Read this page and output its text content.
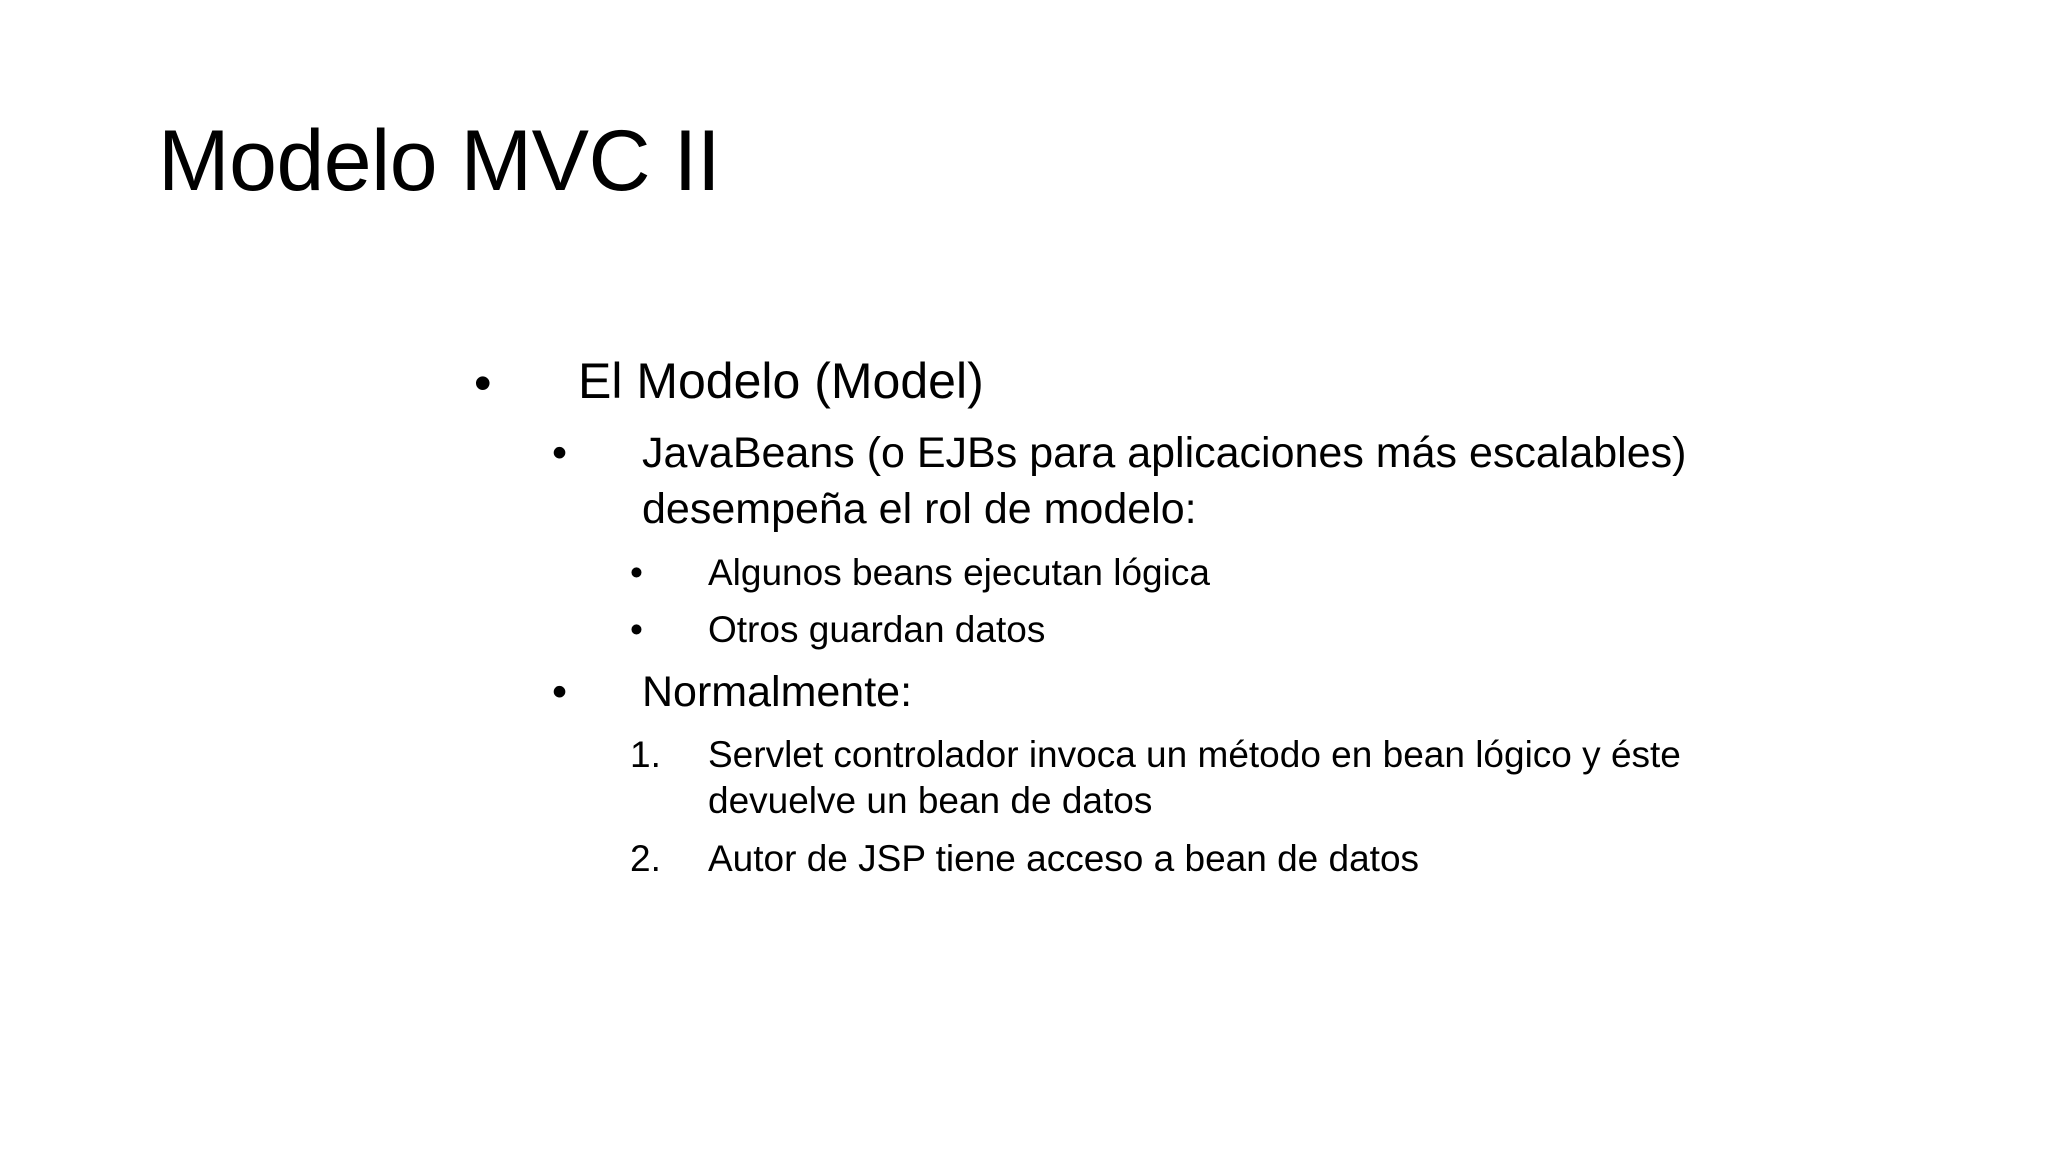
Modelo MVC II
• El Modelo (Model)
• JavaBeans (o EJBs para aplicaciones más escalables)
desempeña el rol de modelo:
• Algunos beans ejecutan lógica
• Otros guardan datos
• Normalmente:
1. Servlet controlador invoca un método en bean lógico y éste
devuelve un bean de datos
2. Autor de JSP tiene acceso a bean de datos
